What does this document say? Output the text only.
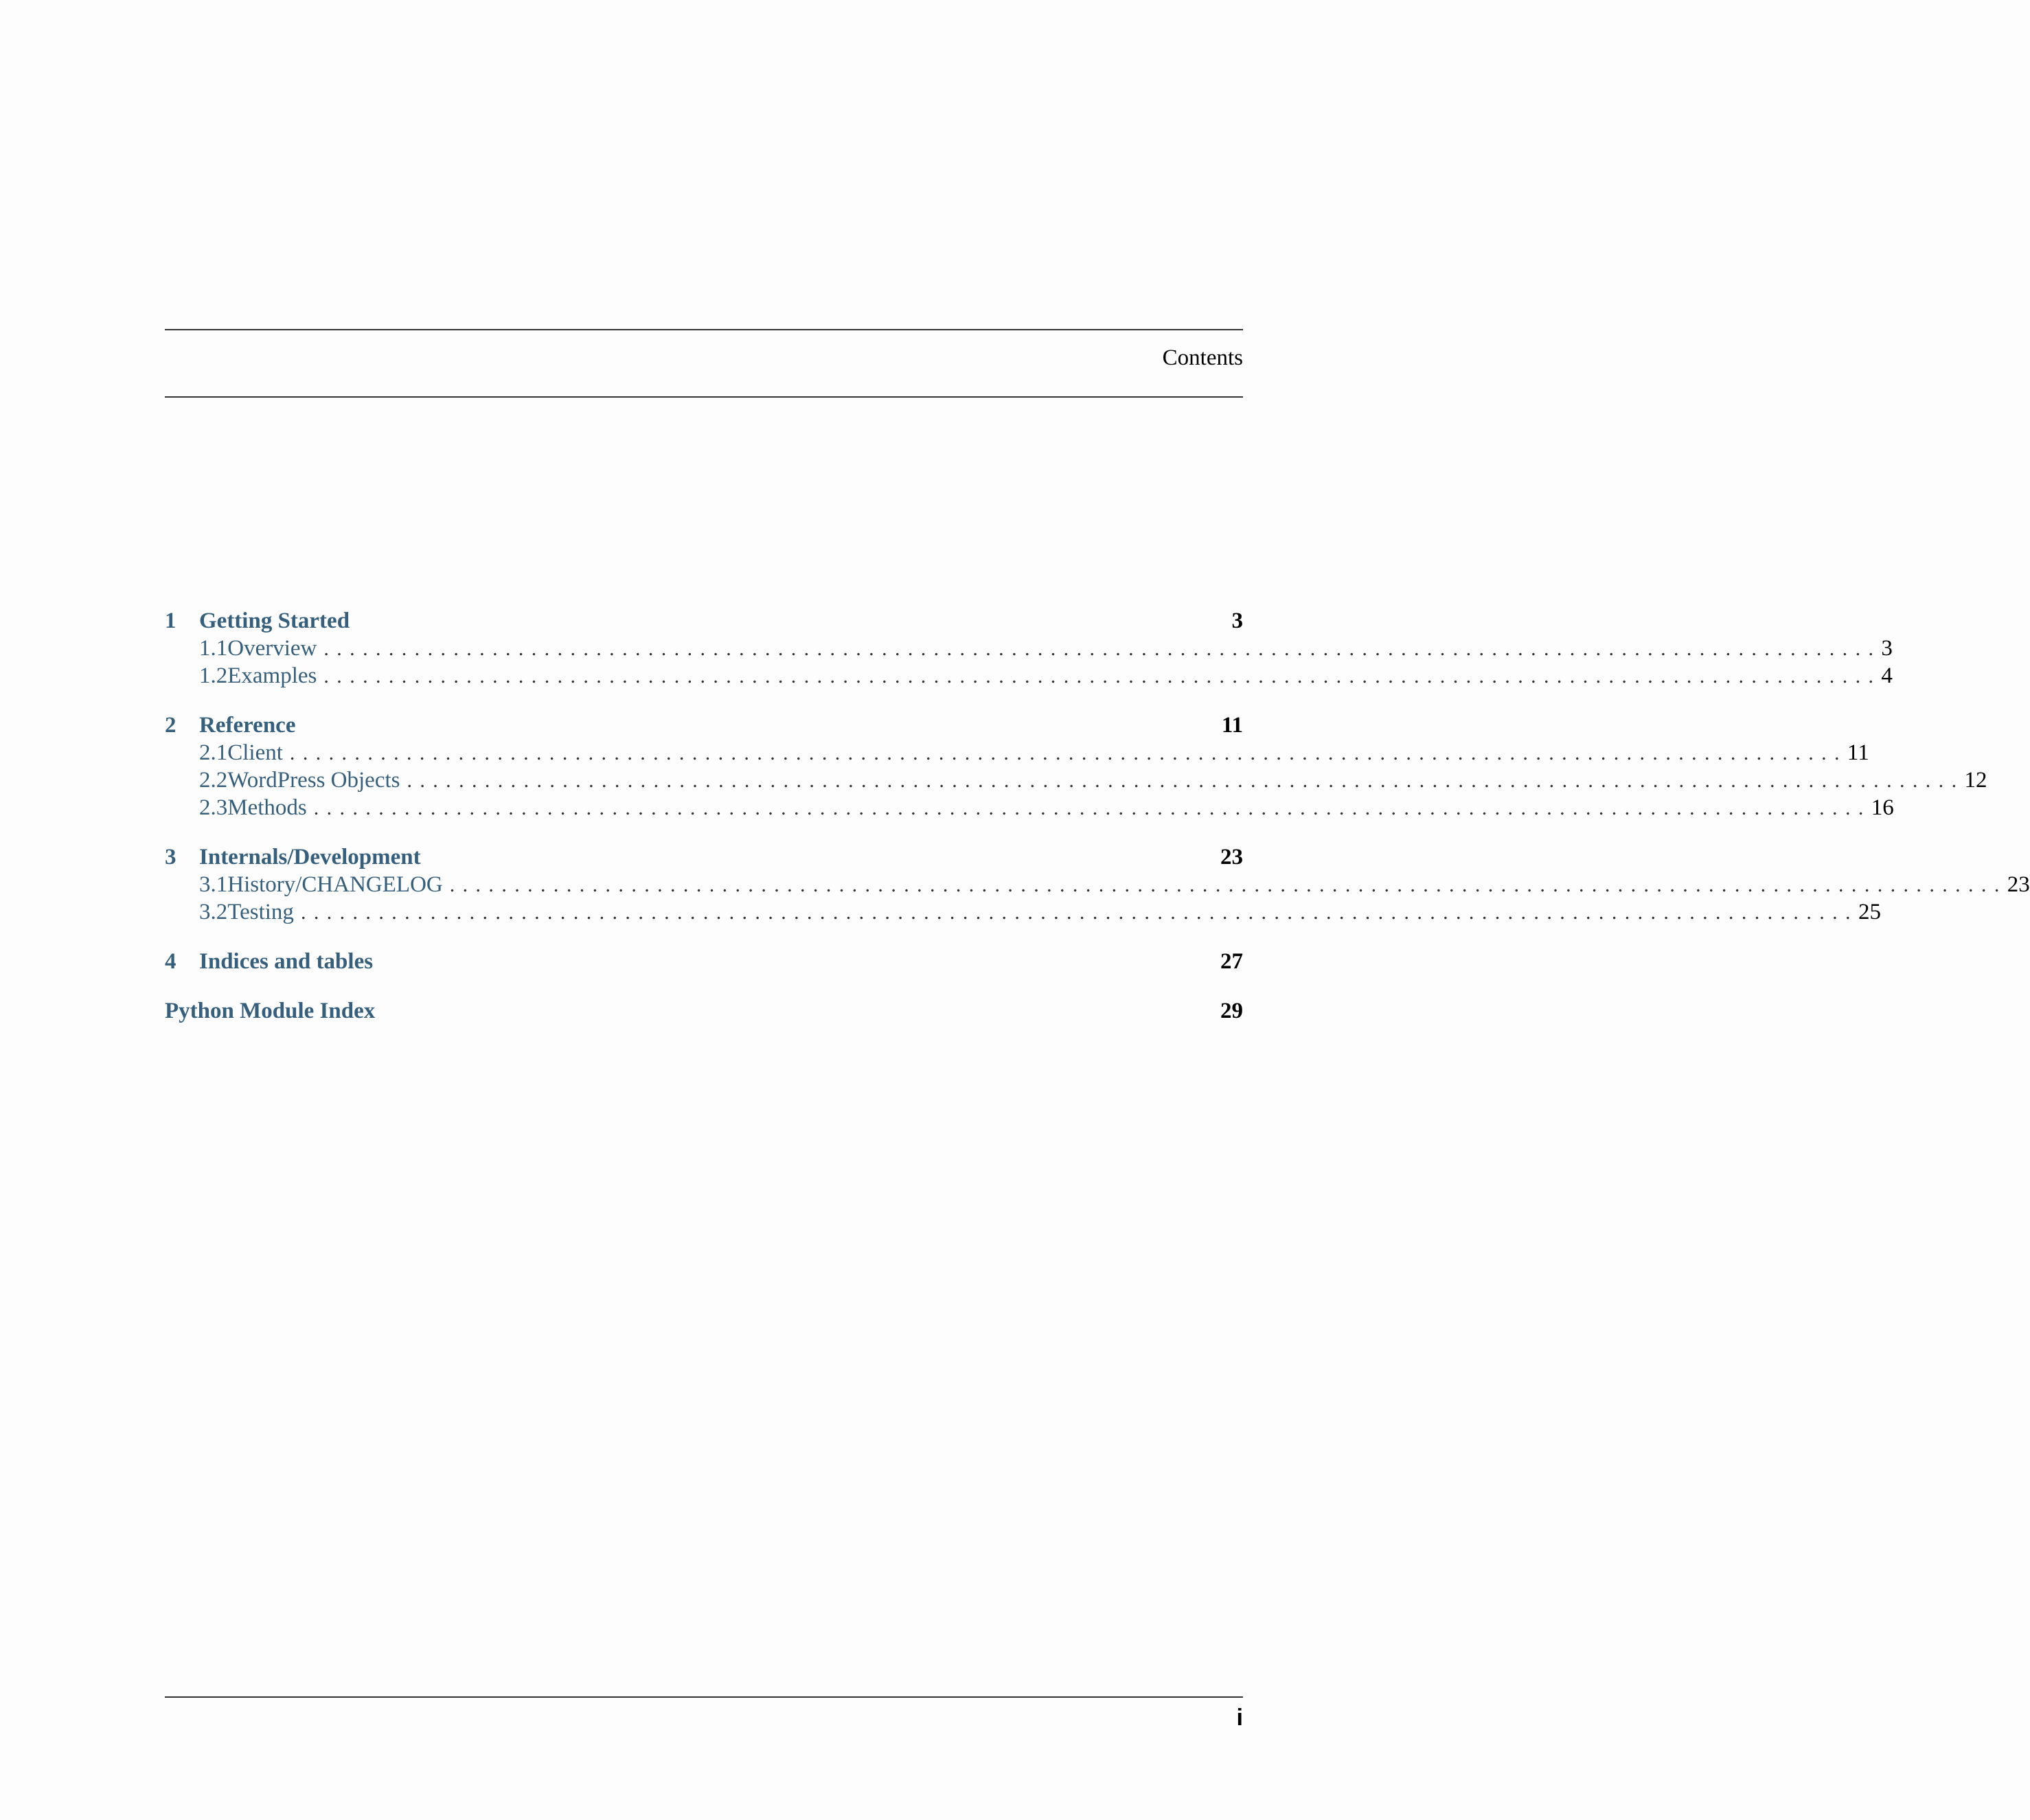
Contents
1	Getting Started	3
1.1 Overview ........................................................................................................................ 3
1.2 Examples ........................................................................................................................ 4
2	Reference	11
2.1 Client ........................................................................................................................ 11
2.2 WordPress Objects ........................................................................................................................ 12
2.3 Methods ........................................................................................................................ 16
3	Internals/Development	23
3.1 History/CHANGELOG ........................................................................................................................ 23
3.2 Testing ........................................................................................................................ 25
4	Indices and tables	27
Python Module Index	29
i
